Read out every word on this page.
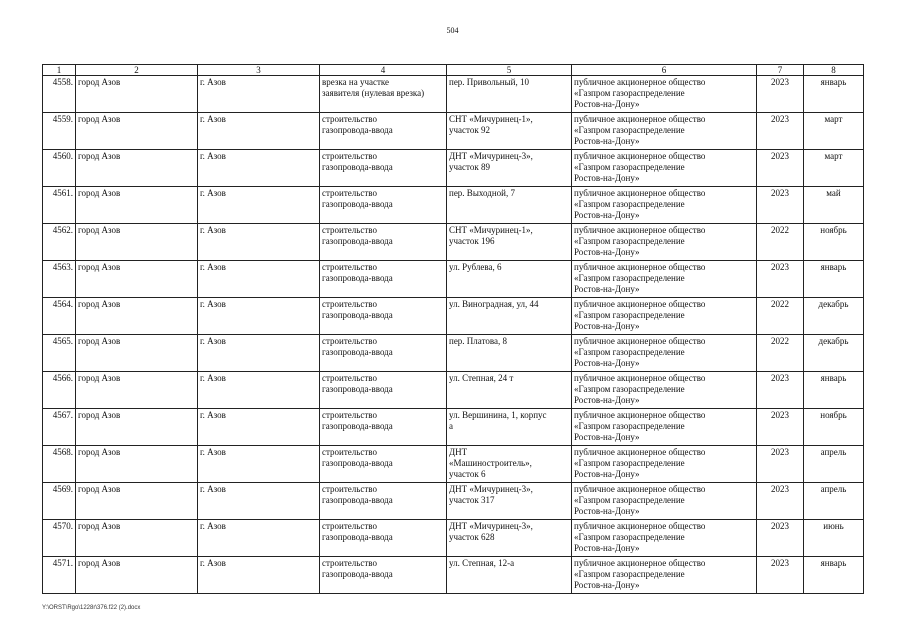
504
1	2	3	4	5	6	7	8
4558.	город Азов	г. Азов	врезка на участке
заявителя (нулевая врезка)	пер. Привольный, 10	публичное акционерное общество
«Газпром газораспределение
Ростов-на-Дону»	2023	январь
4559.	город Азов	г. Азов	строительство
газопровода-ввода	СНТ «Мичуринец-1»,
участок 92	публичное акционерное общество
«Газпром газораспределение
Ростов-на-Дону»	2023	март
4560.	город Азов	г. Азов	строительство
газопровода-ввода	ДНТ «Мичуринец-3»,
участок 89	публичное акционерное общество
«Газпром газораспределение
Ростов-на-Дону»	2023	март
4561.	город Азов	г. Азов	строительство
газопровода-ввода	пер. Выходной, 7	публичное акционерное общество
«Газпром газораспределение
Ростов-на-Дону»	2023	май
4562.	город Азов	г. Азов	строительство
газопровода-ввода	СНТ «Мичуринец-1»,
участок 196	публичное акционерное общество
«Газпром газораспределение
Ростов-на-Дону»	2022	ноябрь
4563.	город Азов	г. Азов	строительство
газопровода-ввода	ул. Рублева, 6	публичное акционерное общество
«Газпром газораспределение
Ростов-на-Дону»	2023	январь
4564.	город Азов	г. Азов	строительство
газопровода-ввода	ул. Виноградная, ул, 44	публичное акционерное общество
«Газпром газораспределение
Ростов-на-Дону»	2022	декабрь
4565.	город Азов	г. Азов	строительство
газопровода-ввода	пер. Платова, 8	публичное акционерное общество
«Газпром газораспределение
Ростов-на-Дону»	2022	декабрь
4566.	город Азов	г. Азов	строительство
газопровода-ввода	ул. Степная, 24 т	публичное акционерное общество
«Газпром газораспределение
Ростов-на-Дону»	2023	январь
4567.	город Азов	г. Азов	строительство
газопровода-ввода	ул. Вершинина, 1, корпус
а	публичное акционерное общество
«Газпром газораспределение
Ростов-на-Дону»	2023	ноябрь
4568.	город Азов	г. Азов	строительство
газопровода-ввода	ДНТ
«Машиностроитель»,
участок 6	публичное акционерное общество
«Газпром газораспределение
Ростов-на-Дону»	2023	апрель
4569.	город Азов	г. Азов	строительство
газопровода-ввода	ДНТ «Мичуринец-3»,
участок 317	публичное акционерное общество
«Газпром газораспределение
Ростов-на-Дону»	2023	апрель
4570.	город Азов	г. Азов	строительство
газопровода-ввода	ДНТ «Мичуринец-3»,
участок 628	публичное акционерное общество
«Газпром газораспределение
Ростов-на-Дону»	2023	июнь
4571.	город Азов	г. Азов	строительство
газопровода-ввода	ул. Степная, 12-а	публичное акционерное общество
«Газпром газораспределение
Ростов-на-Дону»	2023	январь
Y:\ORST\Rgo\1228r\376.f22 (2).docx
